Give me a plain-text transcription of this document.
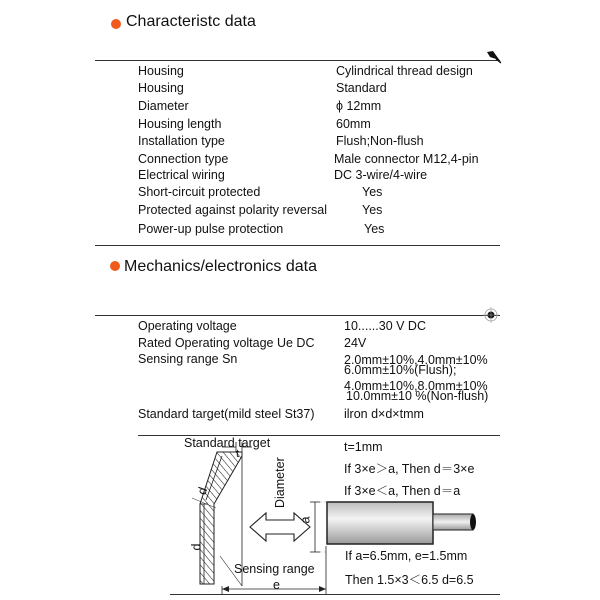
Characteristc data
Housing	Cylindrical thread design
Housing	Standard
Diameter	ϕ 12mm
Housing length	60mm
Installation type	Flush;Non-flush
Connection type	Male connector M12,4-pin
Electrical wiring	DC 3-wire/4-wire
Short-circuit protected	Yes
Protected against polarity reversal	Yes
Power-up pulse protection	Yes
Mechanics/electronics data
Operating voltage	10......30 V DC
Rated Operating voltage Ue DC 24V
Sensing range Sn	2.0mm±10%,4.0mm±10%
6.0mm±10%(Flush);
4.0mm±10%,8.0mm±10%
10.0mm±10 %(Non-flush)
Standard target(mild steel St37) ilron d×d×tmm
Standard target
t
d
d
Diameter
a
Sensing range
e
t=1mm
If 3×e＞a, Then d＝3×e
If 3×e＜a, Then d＝a
If a=6.5mm, e=1.5mm
Then 1.5×3＜6.5 d=6.5
